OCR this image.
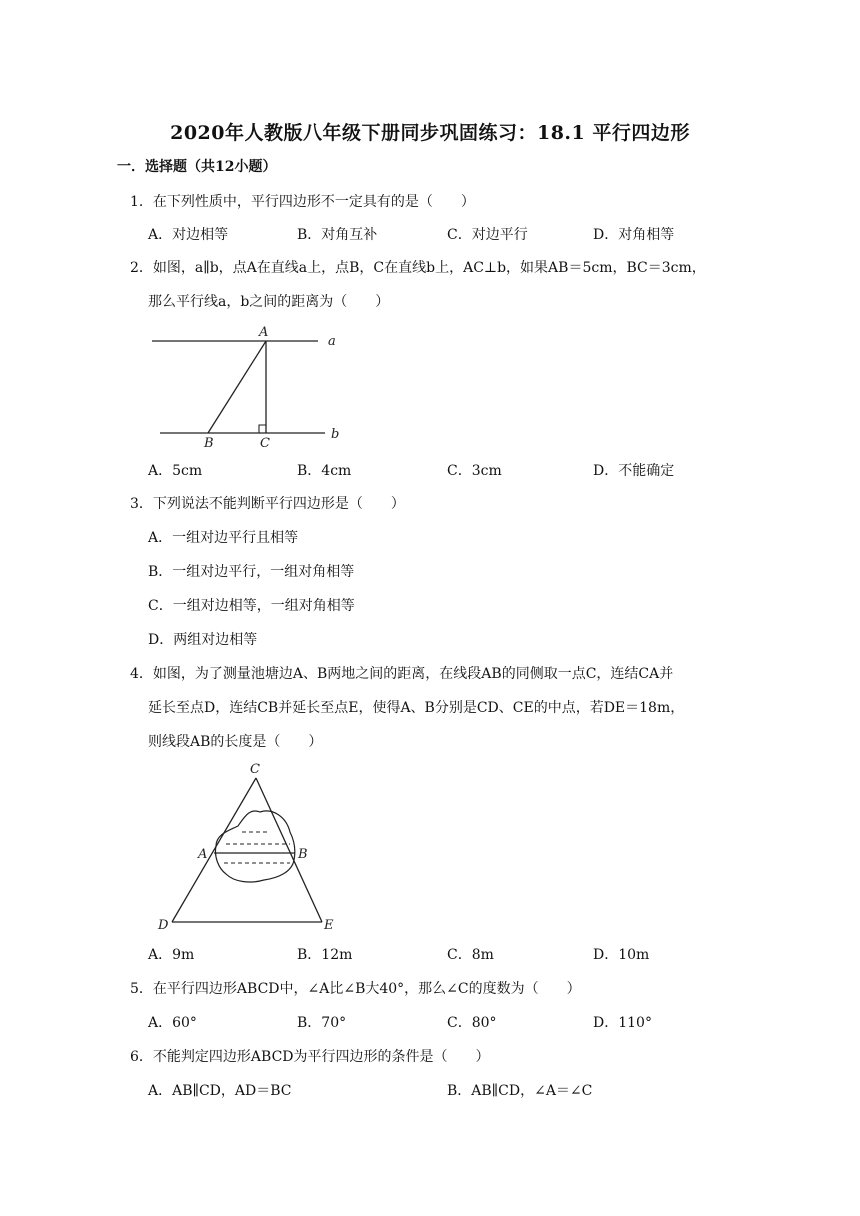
2020年人教版八年级下册同步巩固练习：18.1 平行四边形
一．选择题（共12小题）
1．在下列性质中，平行四边形不一定具有的是（　　）
A．对边相等	B．对角互补	C．对边平行	D．对角相等
2．如图，a∥b，点A在直线a上，点B，C在直线b上，AC⊥b，如果AB＝5cm，BC＝3cm，
那么平行线a，b之间的距离为（　　）
A
a
B	C
b
A．5cm	B．4cm	C．3cm	D．不能确定
3．下列说法不能判断平行四边形是（　　）
A．一组对边平行且相等
B．一组对边平行，一组对角相等
C．一组对边相等，一组对角相等
D．两组对边相等
4．如图，为了测量池塘边A、B两地之间的距离，在线段AB的同侧取一点C，连结CA并
延长至点D，连结CB并延长至点E，使得A、B分别是CD、CE的中点，若DE＝18m，
则线段AB的长度是（　　）
C
A	B
D	E
A．9m	B．12m	C．8m	D．10m
5．在平行四边形ABCD中，∠A比∠B大40°，那么∠C的度数为（　　）
A．60°	B．70°	C．80°	D．110°
6．不能判定四边形ABCD为平行四边形的条件是（　　）
A．AB∥CD，AD＝BC	B．AB∥CD，∠A＝∠C
